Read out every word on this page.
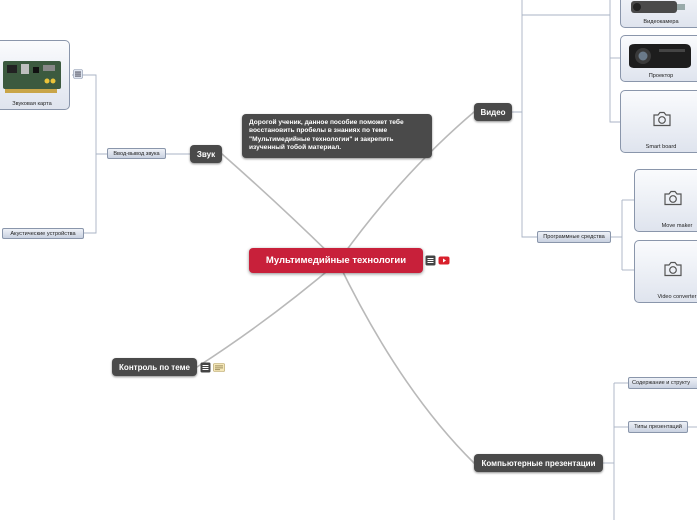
Мультимедийные технологии
Дорогой ученик, данное пособие поможет тебе восстановить пробелы в знаниях по теме "Мультимедийные технологии" и закрепить изученный тобой материал.
Звук
Ввод-вывод звука
Звуковая карта
Акустические устройства
Видео
Видеокамера
Проектор
Smart board
Программные средства
Move maker
Video converter
Контроль по теме
Компьютерные презентации
Содержание и структу
Типы презентаций
